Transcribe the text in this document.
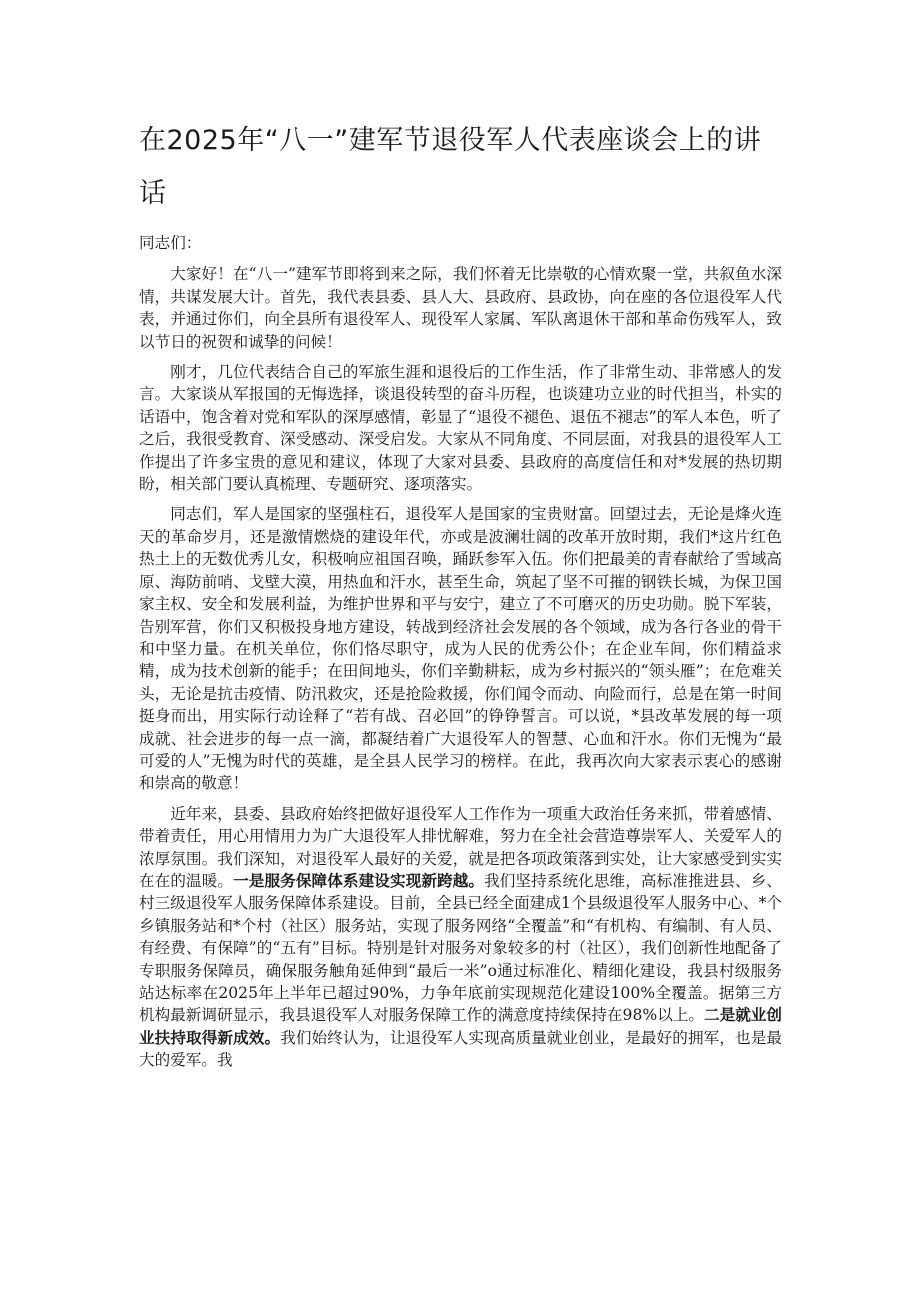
在2025年“八一”建军节退役军人代表座谈会上的讲话

同志们：

大家好！在“八一”建军节即将到来之际，我们怀着无比崇敬的心情欢聚一堂，共叙鱼水深情，共谋发展大计。首先，我代表县委、县人大、县政府、县政协，向在座的各位退役军人代表，并通过你们，向全县所有退役军人、现役军人家属、军队离退休干部和革命伤残军人，致以节日的祝贺和诚挚的问候！

刚才，几位代表结合自己的军旅生涯和退役后的工作生活，作了非常生动、非常感人的发言。大家谈从军报国的无悔选择，谈退役转型的奋斗历程，也谈建功立业的时代担当，朴实的话语中，饱含着对党和军队的深厚感情，彰显了“退役不褪色、退伍不褪志”的军人本色，听了之后，我很受教育、深受感动、深受启发。大家从不同角度、不同层面，对我县的退役军人工作提出了许多宝贵的意见和建议，体现了大家对县委、县政府的高度信任和对*发展的热切期盼，相关部门要认真梳理、专题研究、逐项落实。

同志们，军人是国家的坚强柱石，退役军人是国家的宝贵财富。回望过去，无论是烽火连天的革命岁月，还是激情燃烧的建设年代，亦或是波澜壮阔的改革开放时期，我们*这片红色热土上的无数优秀儿女，积极响应祖国召唤，踊跃参军入伍。你们把最美的青春献给了雪域高原、海防前哨、戈壁大漠，用热血和汗水，甚至生命，筑起了坚不可摧的钢铁长城，为保卫国家主权、安全和发展利益，为维护世界和平与安宁，建立了不可磨灭的历史功勋。脱下军装，告别军营，你们又积极投身地方建设，转战到经济社会发展的各个领域，成为各行各业的骨干和中坚力量。在机关单位，你们恪尽职守，成为人民的优秀公仆；在企业车间，你们精益求精，成为技术创新的能手；在田间地头，你们辛勤耕耘，成为乡村振兴的“领头雁”；在危难关头，无论是抗击疫情、防汛救灾，还是抢险救援，你们闻令而动、向险而行，总是在第一时间挺身而出，用实际行动诠释了“若有战、召必回”的铮铮誓言。可以说，*县改革发展的每一项成就、社会进步的每一点一滴，都凝结着广大退役军人的智慧、心血和汗水。你们无愧为“最可爱的人”无愧为时代的英雄，是全县人民学习的榜样。在此，我再次向大家表示衷心的感谢和崇高的敬意！

近年来，县委、县政府始终把做好退役军人工作作为一项重大政治任务来抓，带着感情、带着责任，用心用情用力为广大退役军人排忧解难，努力在全社会营造尊崇军人、关爱军人的浓厚氛围。我们深知，对退役军人最好的关爱，就是把各项政策落到实处，让大家感受到实实在在的温暖。一是服务保障体系建设实现新跨越。我们坚持系统化思维，高标准推进县、乡、村三级退役军人服务保障体系建设。目前，全县已经全面建成1个县级退役军人服务中心、*个乡镇服务站和*个村（社区）服务站，实现了服务网络“全覆盖”和“有机构、有编制、有人员、有经费、有保障”的“五有”目标。特别是针对服务对象较多的村（社区），我们创新性地配备了专职服务保障员，确保服务触角延伸到“最后一米”o通过标准化、精细化建设，我县村级服务站达标率在2025年上半年已超过90%，力争年底前实现规范化建设100%全覆盖。据第三方机构最新调研显示，我县退役军人对服务保障工作的满意度持续保持在98%以上。二是就业创业扶持取得新成效。我们始终认为，让退役军人实现高质量就业创业，是最好的拥军，也是最大的爱军。我
